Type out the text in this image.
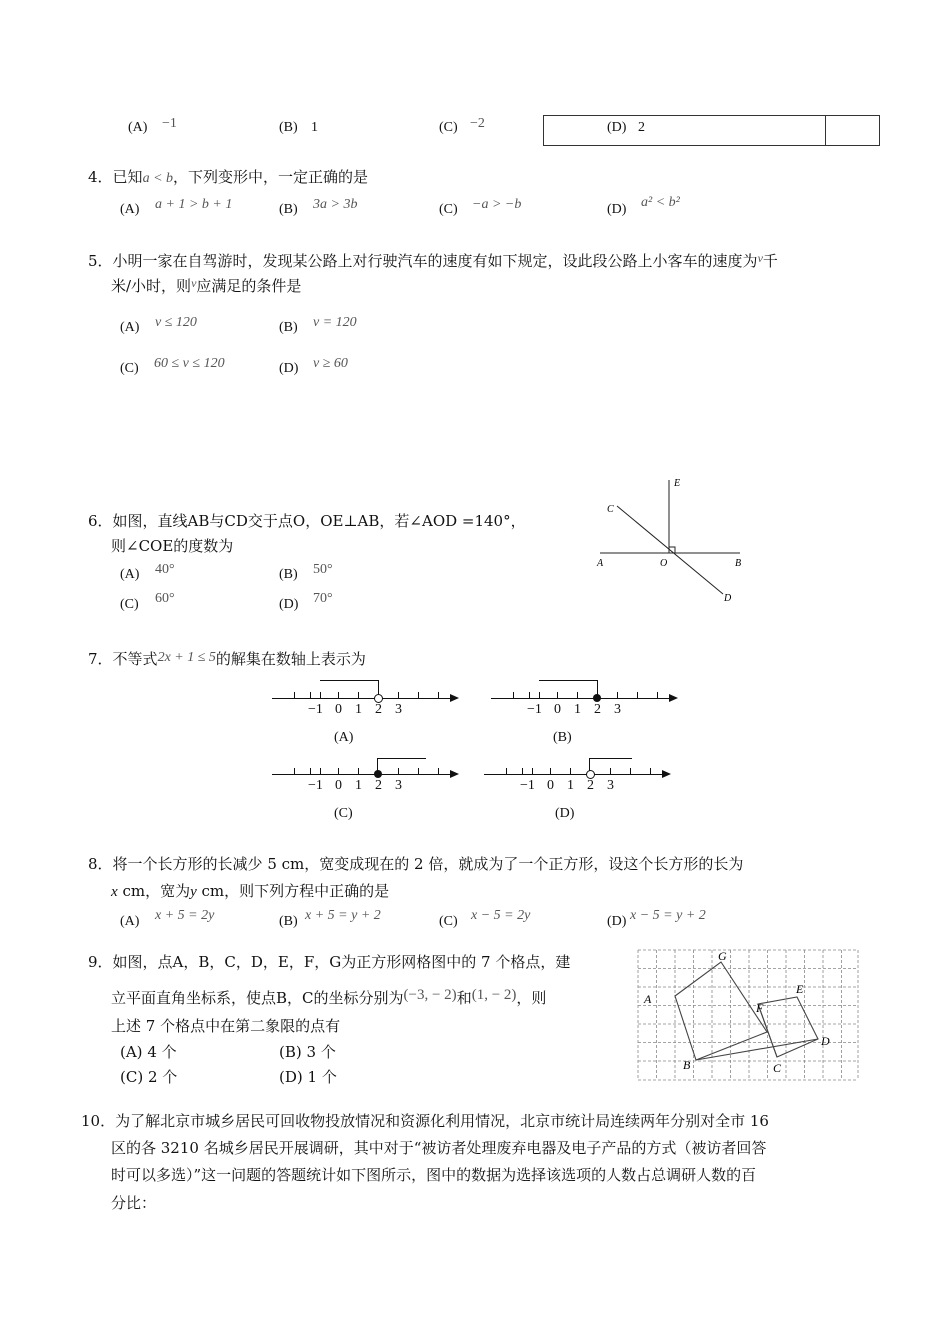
(A) −1	(B) 1	(C) −2	(D) 2
4．已知a < b，下列变形中，一定正确的是
(A) a + 1 > b + 1	(B) 3a > 3b	(C) −a > −b	(D) a² < b²
5．小明一家在自驾游时，发现某公路上对行驶汽车的速度有如下规定，设此段公路上小客车的速度为$^v$千
米/小时，则$^v$应满足的条件是
(A) v ≤ 120	(B) v = 120
(C) 60 ≤ v ≤ 120	(D) v ≥ 60
6．如图，直线AB与CD交于点O，OE⊥AB，若∠AOD =140°，
则∠COE的度数为
(A) 40°	(B) 50°
(C) 60°	(D) 70°
E
C
A	O	B
D
7．不等式2x + 1 ≤ 5的解集在数轴上表示为
−1 0 1 2 3
(A)
−1 0 1 2 3
(B)
−1 0 1 2 3
(C)
−1 0 1 2 3
(D)
8．将一个长方形的长减少 5 cm，宽变成现在的 2 倍，就成为了一个正方形，设这个长方形的长为
x cm，宽为y cm，则下列方程中正确的是
(A) x + 5 = 2y	(B) x + 5 = y + 2	(C) x − 5 = 2y	(D) x − 5 = y + 2
9．如图，点A，B，C，D，E，F，G为正方形网格图中的 7 个格点，建
立平面直角坐标系，使点B，C的坐标分别为(−3, − 2)和(1, − 2)，则
上述 7 个格点中在第二象限的点有
(A) 4 个	(B) 3 个
(C) 2 个	(D) 1 个
G
A
F
E
D
B	C
10．为了解北京市城乡居民可回收物投放情况和资源化利用情况，北京市统计局连续两年分别对全市 16
区的各 3210 名城乡居民开展调研，其中对于“被访者处理废弃电器及电子产品的方式（被访者回答
时可以多选）”这一问题的答题统计如下图所示，图中的数据为选择该选项的人数占总调研人数的百
分比：
